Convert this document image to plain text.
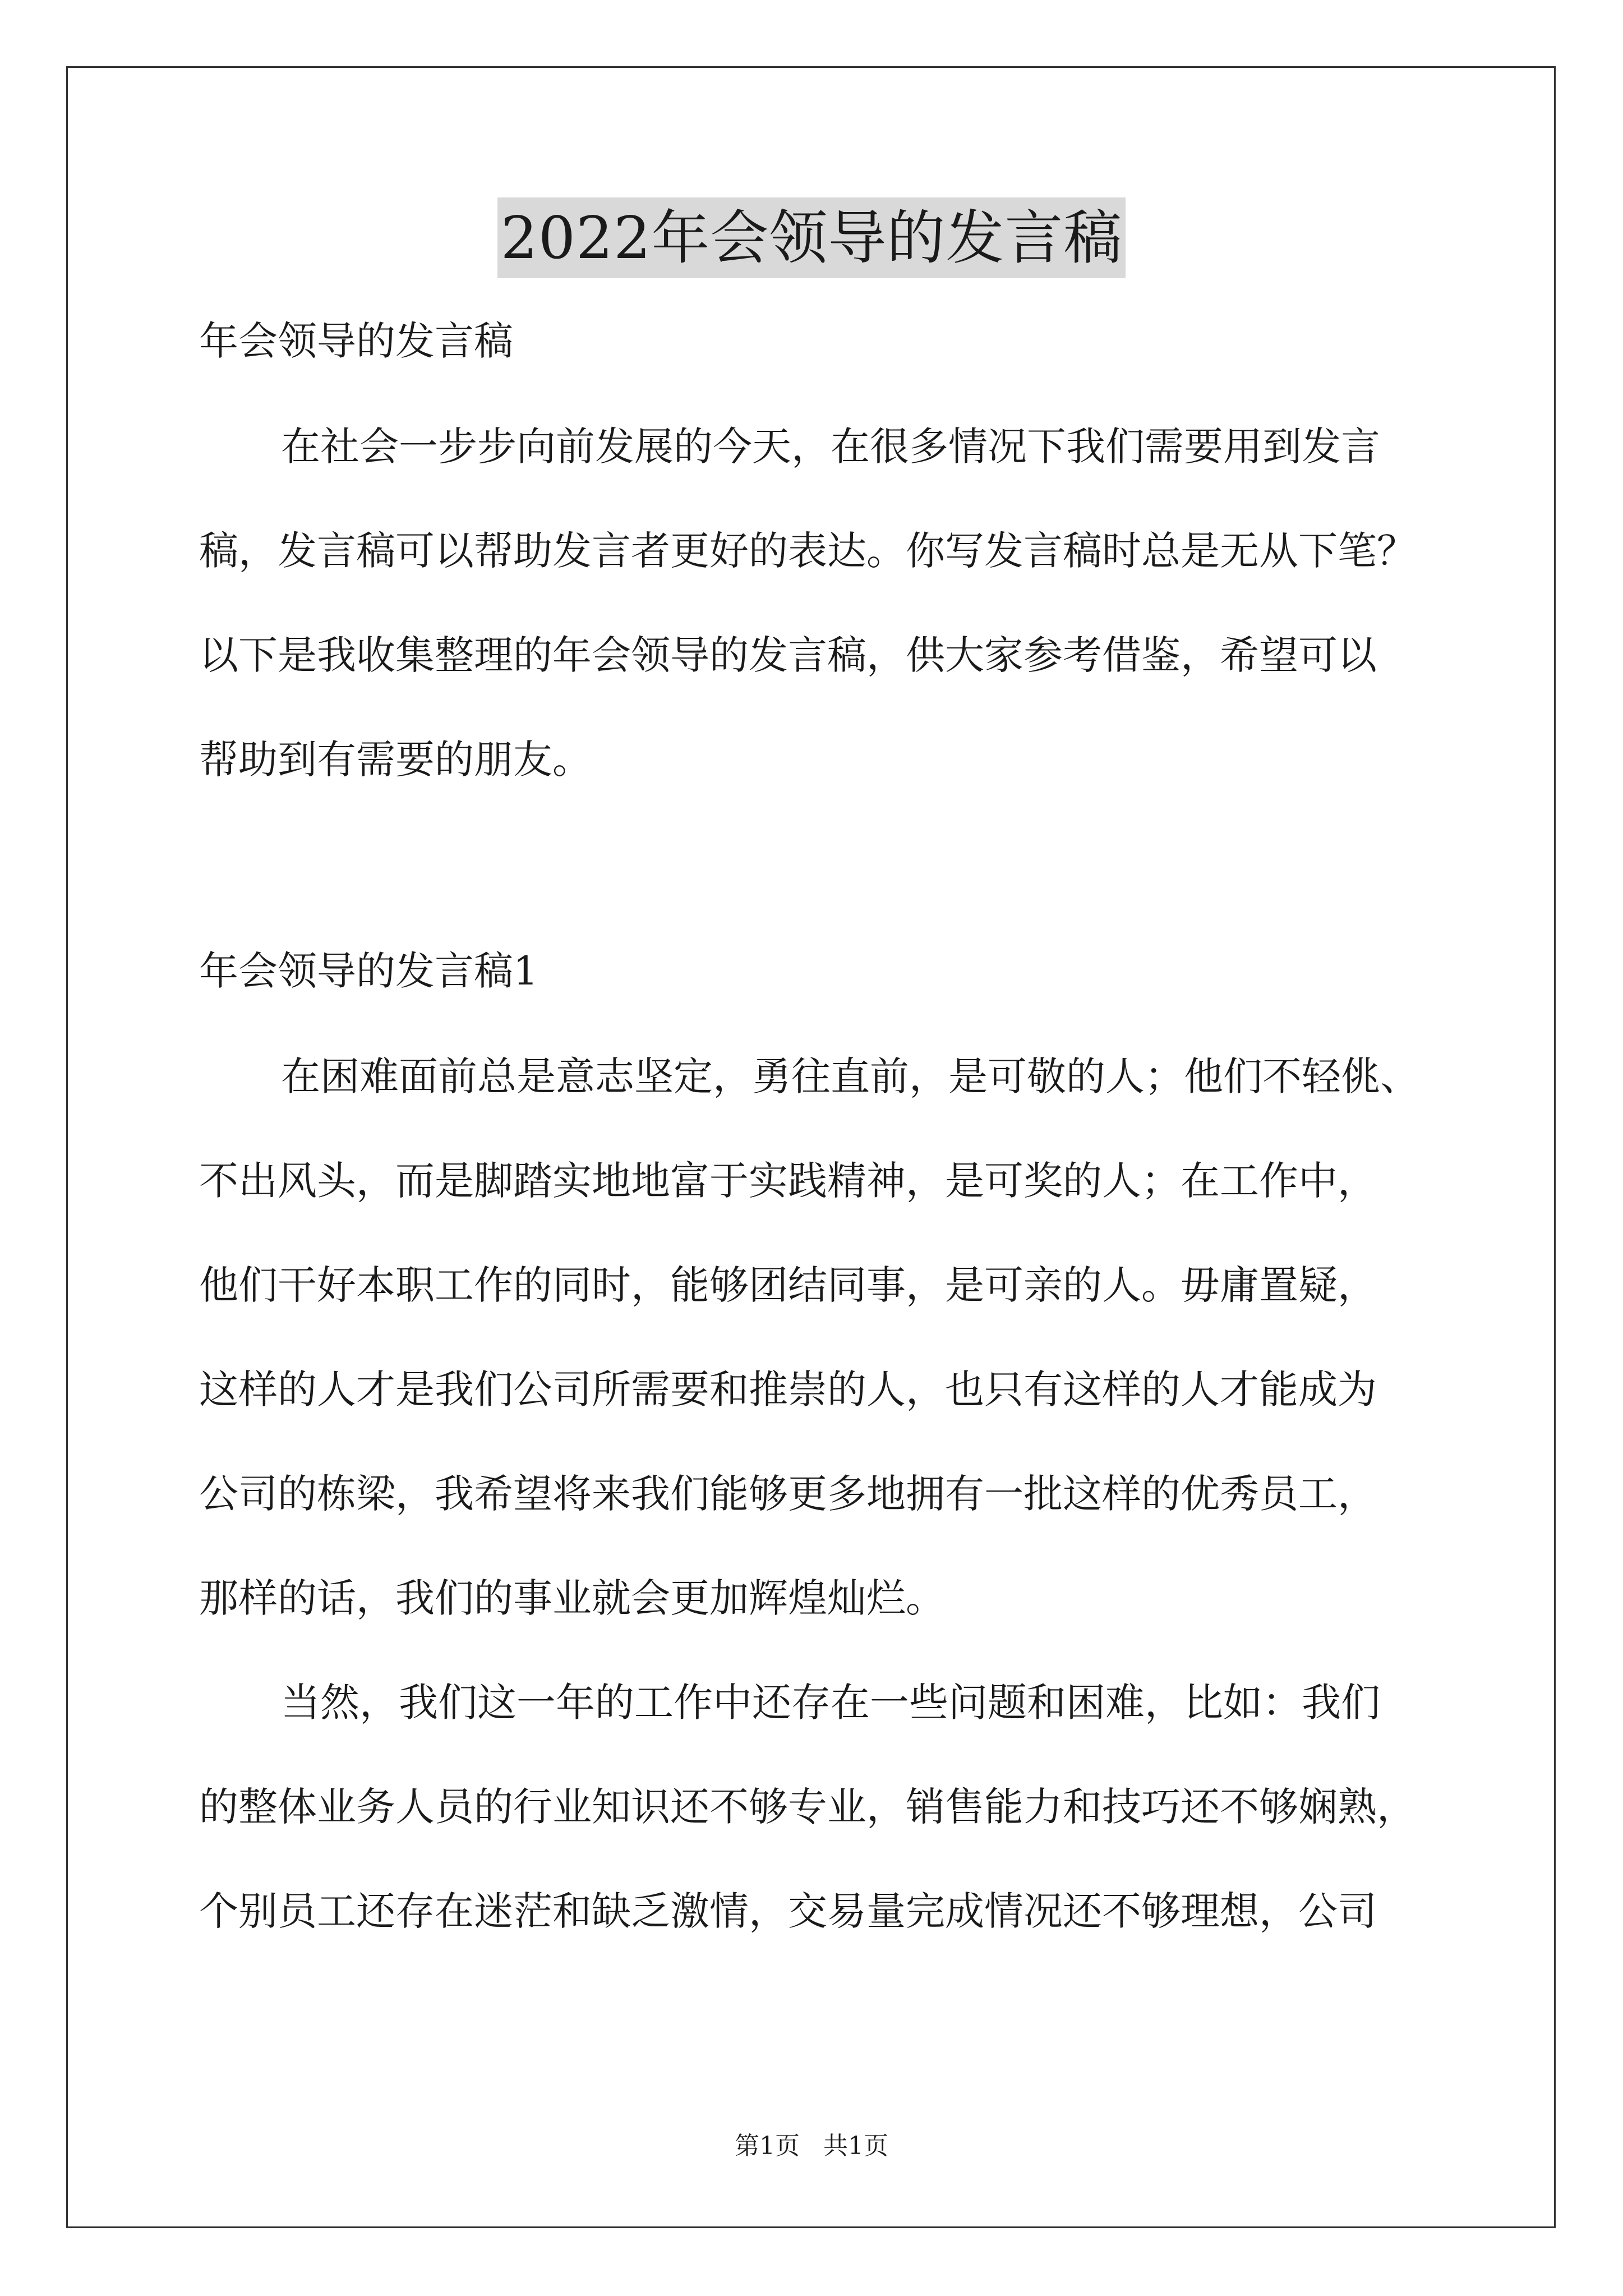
2022年会领导的发言稿

年会领导的发言稿

在社会一步步向前发展的今天，在很多情况下我们需要用到发言

稿，发言稿可以帮助发言者更好的表达。你写发言稿时总是无从下笔？

以下是我收集整理的年会领导的发言稿，供大家参考借鉴，希望可以

帮助到有需要的朋友。

年会领导的发言稿1

在困难面前总是意志坚定，勇往直前，是可敬的人；他们不轻佻、

不出风头，而是脚踏实地地富于实践精神，是可奖的人；在工作中，

他们干好本职工作的同时，能够团结同事，是可亲的人。毋庸置疑，

这样的人才是我们公司所需要和推崇的人，也只有这样的人才能成为

公司的栋梁，我希望将来我们能够更多地拥有一批这样的优秀员工，

那样的话，我们的事业就会更加辉煌灿烂。

当然，我们这一年的工作中还存在一些问题和困难，比如：我们

的整体业务人员的行业知识还不够专业，销售能力和技巧还不够娴熟，

个别员工还存在迷茫和缺乏激情，交易量完成情况还不够理想，公司

第1页 共1页
